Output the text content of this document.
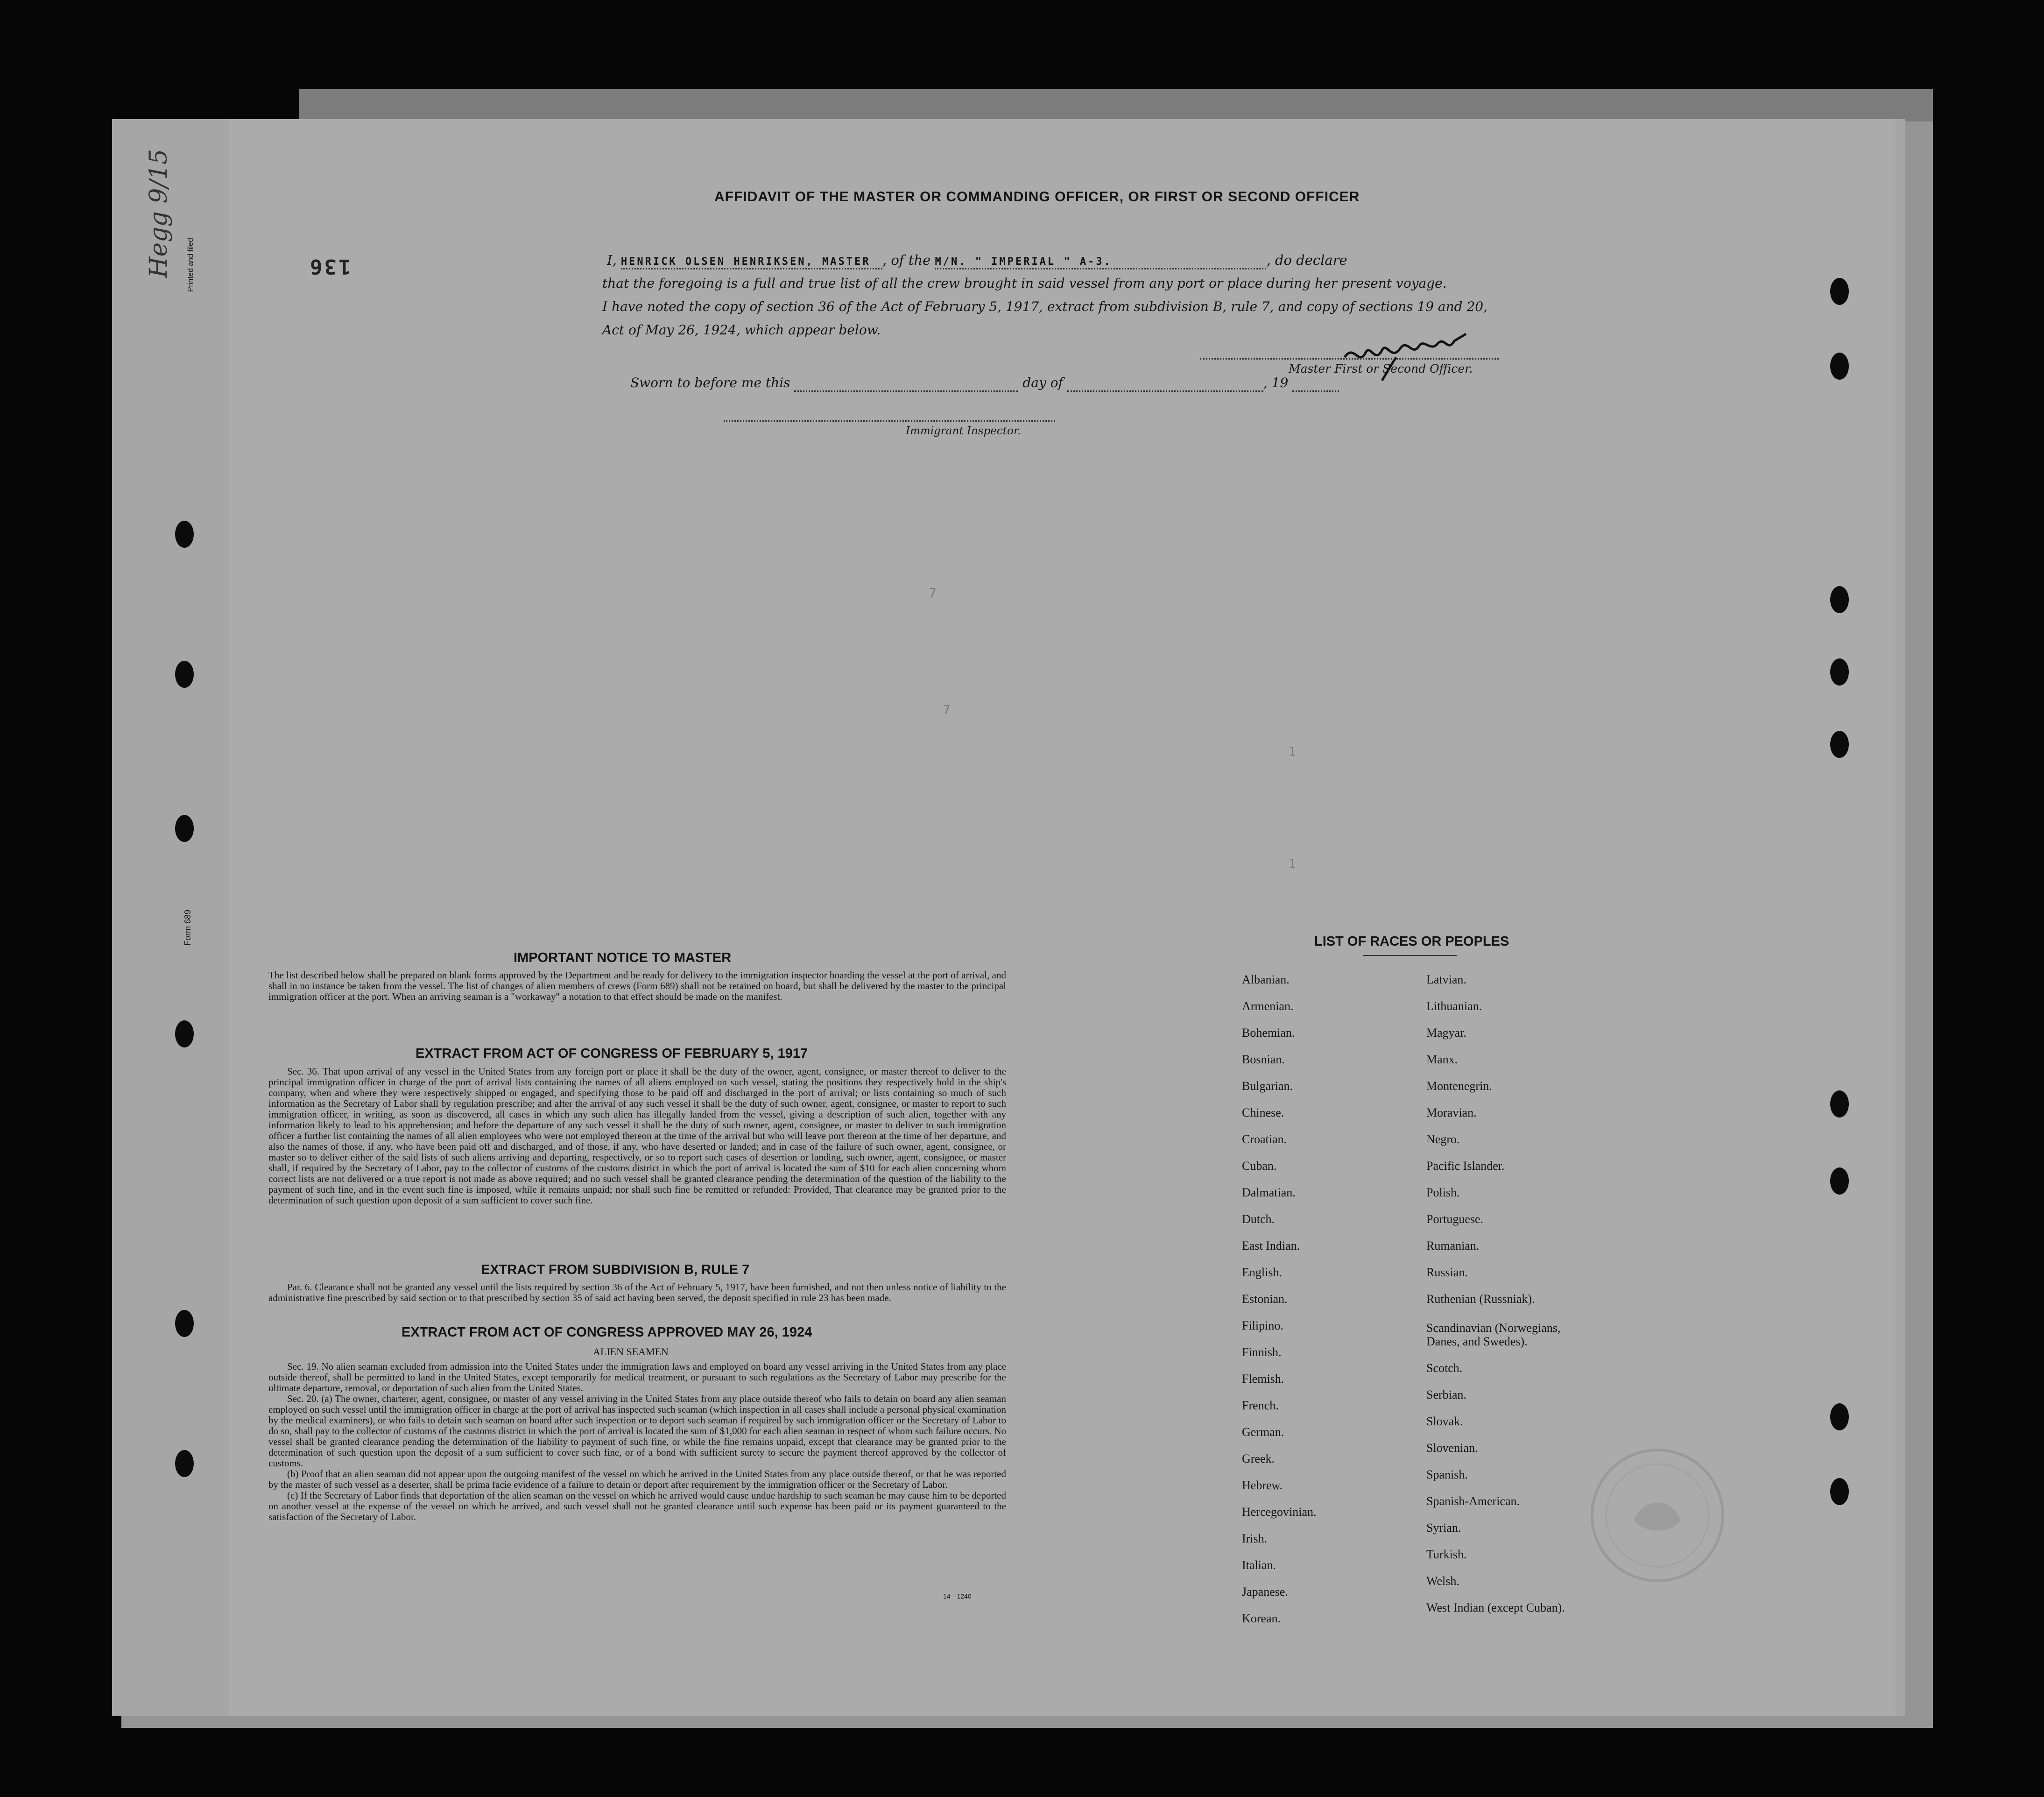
136
Hegg 9/15
Form 689
Printed and filed
AFFIDAVIT OF THE MASTER OR COMMANDING OFFICER, OR FIRST OR SECOND OFFICER
I, HENRICK OLSEN HENRIKSEN, MASTER , of the M/N. " IMPERIAL " A-3.	, do declare
that the foregoing is a full and true list of all the crew brought in said vessel from any port or place during her present voyage.
I have noted the copy of section 36 of the Act of February 5, 1917, extract from subdivision B, rule 7, and copy of sections 19 and 20,
Act of May 26, 1924, which appear below.
Master First or Second Officer.
Sworn to before me this	day of	, 19
Immigrant Inspector.
7
7
1
1
IMPORTANT NOTICE TO MASTER
The list described below shall be prepared on blank forms approved by the Department and be ready for delivery to the immigration inspector boarding the vessel at the port of arrival, and shall in no instance be taken from the vessel. The list of changes of alien members of crews (Form 689) shall not be retained on board, but shall be delivered by the master to the principal immigration officer at the port. When an arriving seaman is a "workaway" a notation to that effect should be made on the manifest.
EXTRACT FROM ACT OF CONGRESS OF FEBRUARY 5, 1917

Sec. 36. That upon arrival of any vessel in the United States from any foreign port or place it shall be the duty of the owner, agent, consignee, or master thereof to deliver to the principal immigration officer in charge of the port of arrival lists containing the names of all aliens employed on such vessel, stating the positions they respectively hold in the ship's company, when and where they were respectively shipped or engaged, and specifying those to be paid off and discharged in the port of arrival; or lists containing so much of such information as the Secretary of Labor shall by regulation prescribe; and after the arrival of any such vessel it shall be the duty of such owner, agent, consignee, or master to report to such immigration officer, in writing, as soon as discovered, all cases in which any such alien has illegally landed from the vessel, giving a description of such alien, together with any information likely to lead to his apprehension; and before the departure of any such vessel it shall be the duty of such owner, agent, consignee, or master to deliver to such immigration officer a further list containing the names of all alien employees who were not employed thereon at the time of the arrival but who will leave port thereon at the time of her departure, and also the names of those, if any, who have been paid off and discharged, and of those, if any, who have deserted or landed; and in case of the failure of such owner, agent, consignee, or master so to deliver either of the said lists of such aliens arriving and departing, respectively, or so to report such cases of desertion or landing, such owner, agent, consignee, or master shall, if required by the Secretary of Labor, pay to the collector of customs of the customs district in which the port of arrival is located the sum of $10 for each alien concerning whom correct lists are not delivered or a true report is not made as above required; and no such vessel shall be granted clearance pending the determination of the question of the liability to the payment of such fine, and in the event such fine is imposed, while it remains unpaid; nor shall such fine be remitted or refunded: Provided, That clearance may be granted prior to the determination of such question upon deposit of a sum sufficient to cover such fine.

EXTRACT FROM SUBDIVISION B, RULE 7

Par. 6. Clearance shall not be granted any vessel until the lists required by section 36 of the Act of February 5, 1917, have been furnished, and not then unless notice of liability to the administrative fine prescribed by said section or to that prescribed by section 35 of said act having been served, the deposit specified in rule 23 has been made.

EXTRACT FROM ACT OF CONGRESS APPROVED MAY 26, 1924
ALIEN SEAMEN

Sec. 19. No alien seaman excluded from admission into the United States under the immigration laws and employed on board any vessel arriving in the United States from any place outside thereof, shall be permitted to land in the United States, except temporarily for medical treatment, or pursuant to such regulations as the Secretary of Labor may prescribe for the ultimate departure, removal, or deportation of such alien from the United States.

Sec. 20. (a) The owner, charterer, agent, consignee, or master of any vessel arriving in the United States from any place outside thereof who fails to detain on board any alien seaman employed on such vessel until the immigration officer in charge at the port of arrival has inspected such seaman (which inspection in all cases shall include a personal physical examination by the medical examiners), or who fails to detain such seaman on board after such inspection or to deport such seaman if required by such immigration officer or the Secretary of Labor to do so, shall pay to the collector of customs of the customs district in which the port of arrival is located the sum of $1,000 for each alien seaman in respect of whom such failure occurs. No vessel shall be granted clearance pending the determination of the liability to payment of such fine, or while the fine remains unpaid, except that clearance may be granted prior to the determination of such question upon the deposit of a sum sufficient to cover such fine, or of a bond with sufficient surety to secure the payment thereof approved by the collector of customs.

(b) Proof that an alien seaman did not appear upon the outgoing manifest of the vessel on which he arrived in the United States from any place outside thereof, or that he was reported by the master of such vessel as a deserter, shall be prima facie evidence of a failure to detain or deport after requirement by the immigration officer or the Secretary of Labor.

(c) If the Secretary of Labor finds that deportation of the alien seaman on the vessel on which he arrived would cause undue hardship to such seaman he may cause him to be deported on another vessel at the expense of the vessel on which he arrived, and such vessel shall not be granted clearance until such expense has been paid or its payment guaranteed to the satisfaction of the Secretary of Labor.

14—1240
LIST OF RACES OR PEOPLES
Albanian.
Armenian.
Bohemian.
Bosnian.
Bulgarian.
Chinese.
Croatian.
Cuban.
Dalmatian.
Dutch.
East Indian.
English.
Estonian.
Filipino.
Finnish.
Flemish.
French.
German.
Greek.
Hebrew.
Hercegovinian.
Irish.
Italian.
Japanese.
Korean.
Latvian.
Lithuanian.
Magyar.
Manx.
Montenegrin.
Moravian.
Negro.
Pacific Islander.
Polish.
Portuguese.
Rumanian.
Russian.
Ruthenian (Russniak).
Scandinavian (Norwegians,
Danes, and Swedes).
Scotch.
Serbian.
Slovak.
Slovenian.
Spanish.
Spanish-American.
Syrian.
Turkish.
Welsh.
West Indian (except Cuban).
